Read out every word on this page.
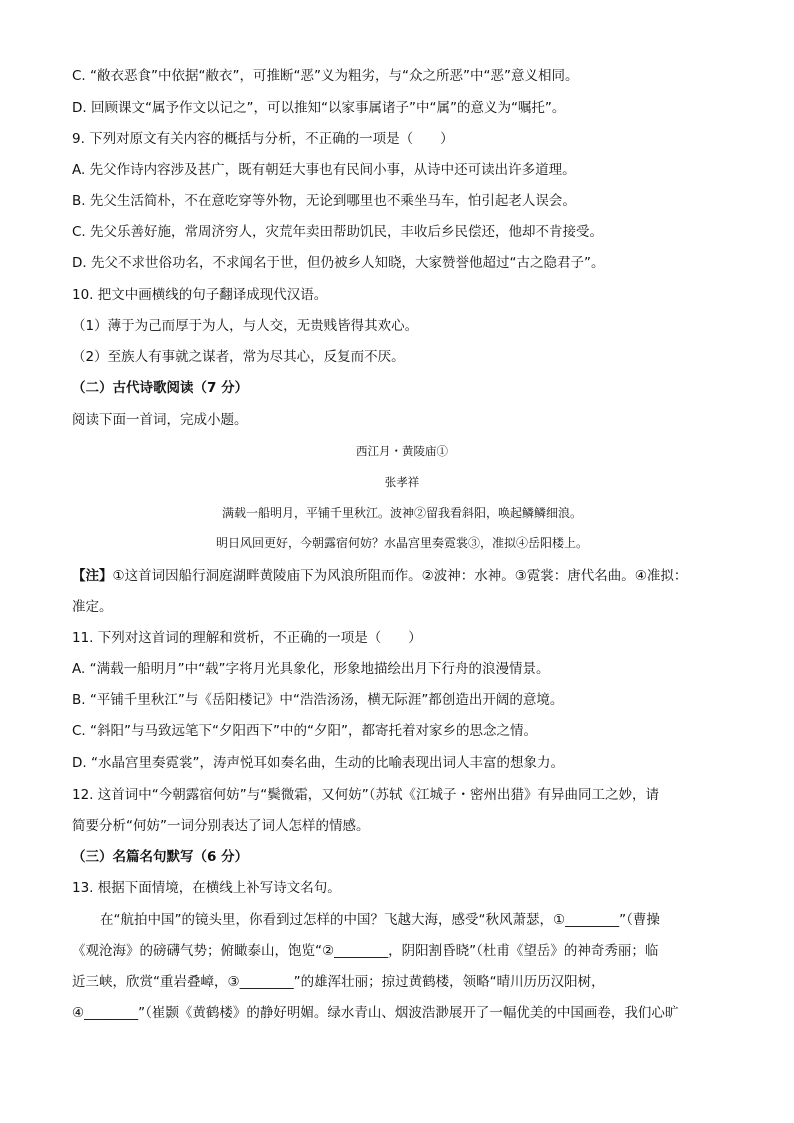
C. “敝衣恶食”中依据“敝衣”，可推断“恶”义为粗劣，与“众之所恶”中“恶”意义相同。
D. 回顾课文“属予作文以记之”，可以推知“以家事属诸子”中“属”的意义为“嘱托”。
9. 下列对原文有关内容的概括与分析，不正确的一项是（　　）
A. 先父作诗内容涉及甚广，既有朝廷大事也有民间小事，从诗中还可读出许多道理。
B. 先父生活简朴，不在意吃穿等外物，无论到哪里也不乘坐马车，怕引起老人误会。
C. 先父乐善好施，常周济穷人，灾荒年卖田帮助饥民，丰收后乡民偿还，他却不肯接受。
D. 先父不求世俗功名，不求闻名于世，但仍被乡人知晓，大家赞誉他超过“古之隐君子”。
10. 把文中画横线的句子翻译成现代汉语。
（1）薄于为己而厚于为人，与人交，无贵贱皆得其欢心。
（2）至族人有事就之谋者，常为尽其心，反复而不厌。
（二）古代诗歌阅读（7 分）
阅读下面一首词，完成小题。
西江月・黄陵庙①
张孝祥
满载一船明月，平铺千里秋江。波神②留我看斜阳，唤起鳞鳞细浪。
明日风回更好，今朝露宿何妨？水晶宫里奏霓裳③，准拟④岳阳楼上。
【注】①这首词因船行洞庭湖畔黄陵庙下为风浪所阻而作。②波神：水神。③霓裳：唐代名曲。④准拟：
准定。
11. 下列对这首词的理解和赏析，不正确的一项是（　　）
A. “满载一船明月”中“载”字将月光具象化，形象地描绘出月下行舟的浪漫情景。
B. “平铺千里秋江”与《岳阳楼记》中“浩浩汤汤，横无际涯”都创造出开阔的意境。
C. “斜阳”与马致远笔下“夕阳西下”中的“夕阳”，都寄托着对家乡的思念之情。
D. “水晶宫里奏霓裳”，涛声悦耳如奏名曲，生动的比喻表现出词人丰富的想象力。
12. 这首词中“今朝露宿何妨”与“鬓微霜，又何妨”（苏轼《江城子・密州出猎》有异曲同工之妙，请
简要分析“何妨”一词分别表达了词人怎样的情感。
（三）名篇名句默写（6 分）
13. 根据下面情境，在横线上补写诗文名句。
在“航拍中国”的镜头里，你看到过怎样的中国？飞越大海，感受“秋风萧瑟，①________”（曹操
《观沧海》的磅礴气势；俯瞰泰山，饱览“②________，阴阳割昏晓”（杜甫《望岳》的神奇秀丽；临
近三峡，欣赏“重岩叠嶂，③________”的雄浑壮丽；掠过黄鹤楼，领略“晴川历历汉阳树，
④________”（崔颢《黄鹤楼》的静好明媚。绿水青山、烟波浩渺展开了一幅优美的中国画卷，我们心旷
